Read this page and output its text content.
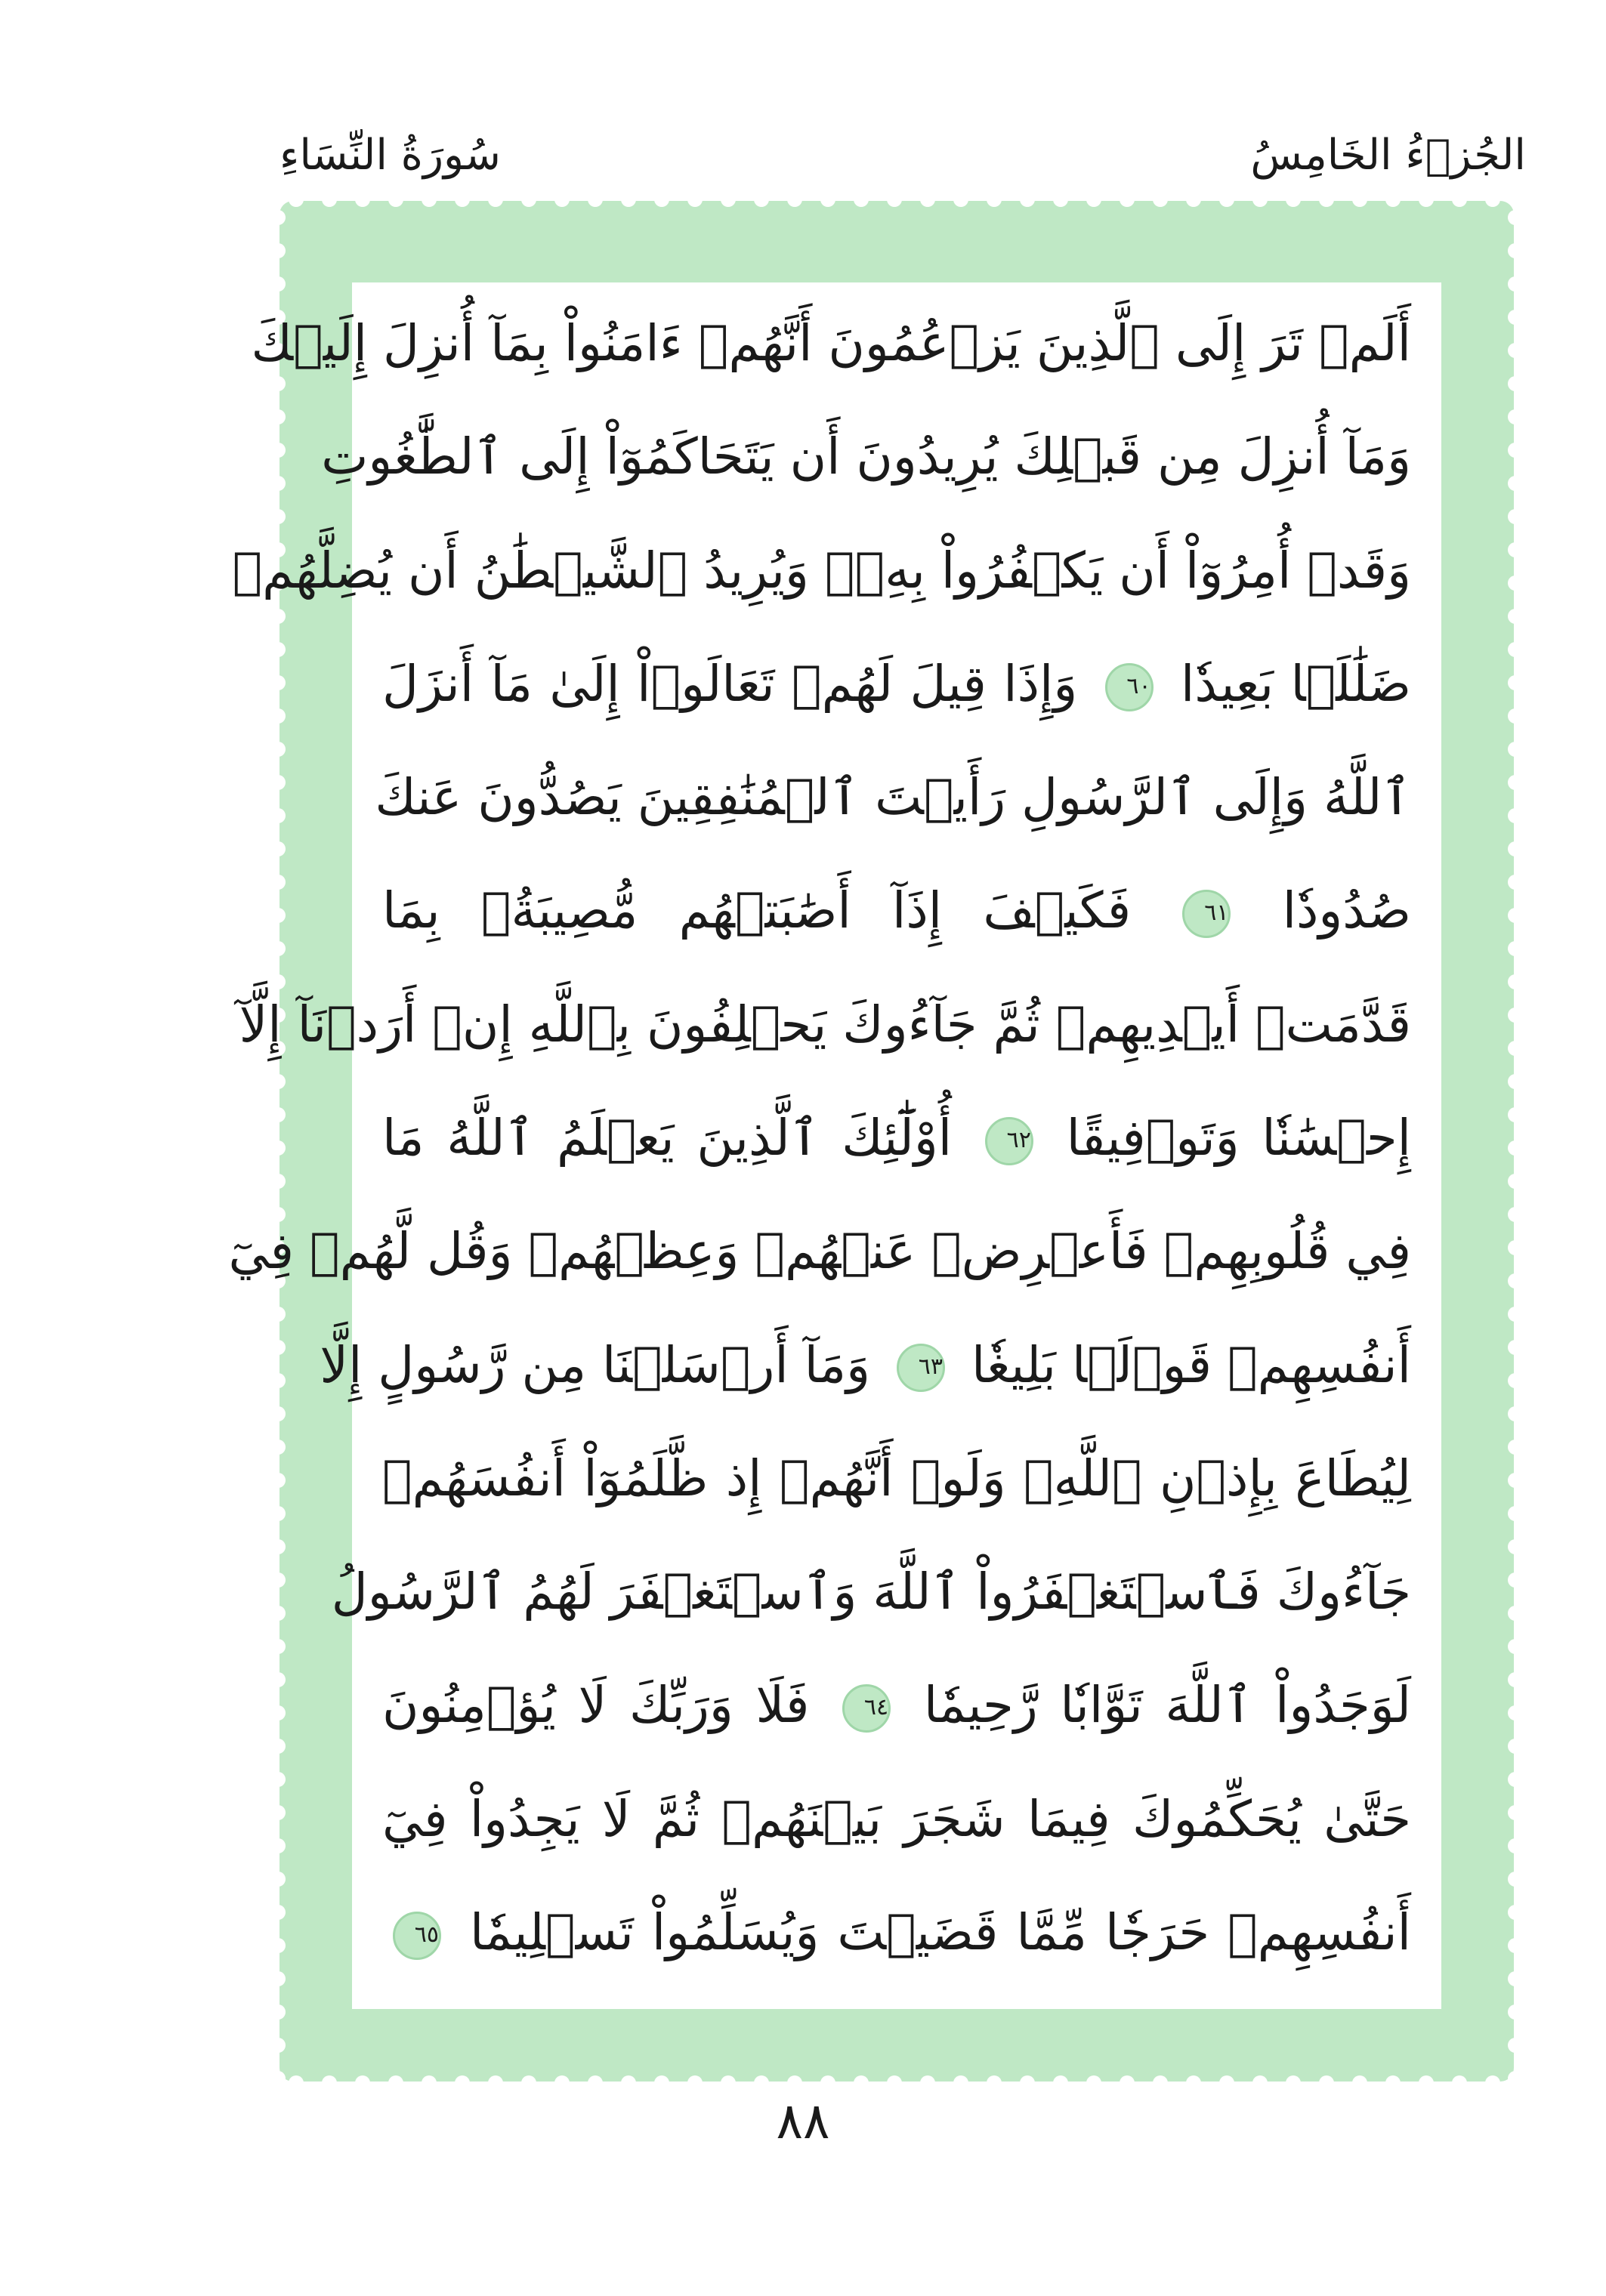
الجُزۡءُ الخَامِسُ
سُورَةُ النِّسَاءِ
أَلَمۡ تَرَ إِلَى ٱلَّذِينَ يَزۡعُمُونَ أَنَّهُمۡ ءَامَنُواْ بِمَآ أُنزِلَ إِلَيۡكَ
وَمَآ أُنزِلَ مِن قَبۡلِكَ يُرِيدُونَ أَن يَتَحَاكَمُوٓاْ إِلَى ٱلطَّٰغُوتِ
وَقَدۡ أُمِرُوٓاْ أَن يَكۡفُرُواْ بِهِۦۖ وَيُرِيدُ ٱلشَّيۡطَٰنُ أَن يُضِلَّهُمۡ
ضَلَٰلَۢا بَعِيدٗا ٦٠ وَإِذَا قِيلَ لَهُمۡ تَعَالَوۡاْ إِلَىٰ مَآ أَنزَلَ
ٱللَّهُ وَإِلَى ٱلرَّسُولِ رَأَيۡتَ ٱلۡمُنَٰفِقِينَ يَصُدُّونَ عَنكَ
صُدُودٗا ٦١ فَكَيۡفَ إِذَآ أَصَٰبَتۡهُم مُّصِيبَةُۢ بِمَا
قَدَّمَتۡ أَيۡدِيهِمۡ ثُمَّ جَآءُوكَ يَحۡلِفُونَ بِٱللَّهِ إِنۡ أَرَدۡنَآ إِلَّآ
إِحۡسَٰنٗا وَتَوۡفِيقًا ٦٢ أُوْلَٰٓئِكَ ٱلَّذِينَ يَعۡلَمُ ٱللَّهُ مَا
فِي قُلُوبِهِمۡ فَأَعۡرِضۡ عَنۡهُمۡ وَعِظۡهُمۡ وَقُل لَّهُمۡ فِيٓ
أَنفُسِهِمۡ قَوۡلَۢا بَلِيغٗا ٦٣ وَمَآ أَرۡسَلۡنَا مِن رَّسُولٍ إِلَّا
لِيُطَاعَ بِإِذۡنِ ٱللَّهِۚ وَلَوۡ أَنَّهُمۡ إِذ ظَّلَمُوٓاْ أَنفُسَهُمۡ
جَآءُوكَ فَٱسۡتَغۡفَرُواْ ٱللَّهَ وَٱسۡتَغۡفَرَ لَهُمُ ٱلرَّسُولُ
لَوَجَدُواْ ٱللَّهَ تَوَّابٗا رَّحِيمٗا ٦٤ فَلَا وَرَبِّكَ لَا يُؤۡمِنُونَ
حَتَّىٰ يُحَكِّمُوكَ فِيمَا شَجَرَ بَيۡنَهُمۡ ثُمَّ لَا يَجِدُواْ فِيٓ
أَنفُسِهِمۡ حَرَجٗا مِّمَّا قَضَيۡتَ وَيُسَلِّمُواْ تَسۡلِيمٗا ٦٥
٨٨
